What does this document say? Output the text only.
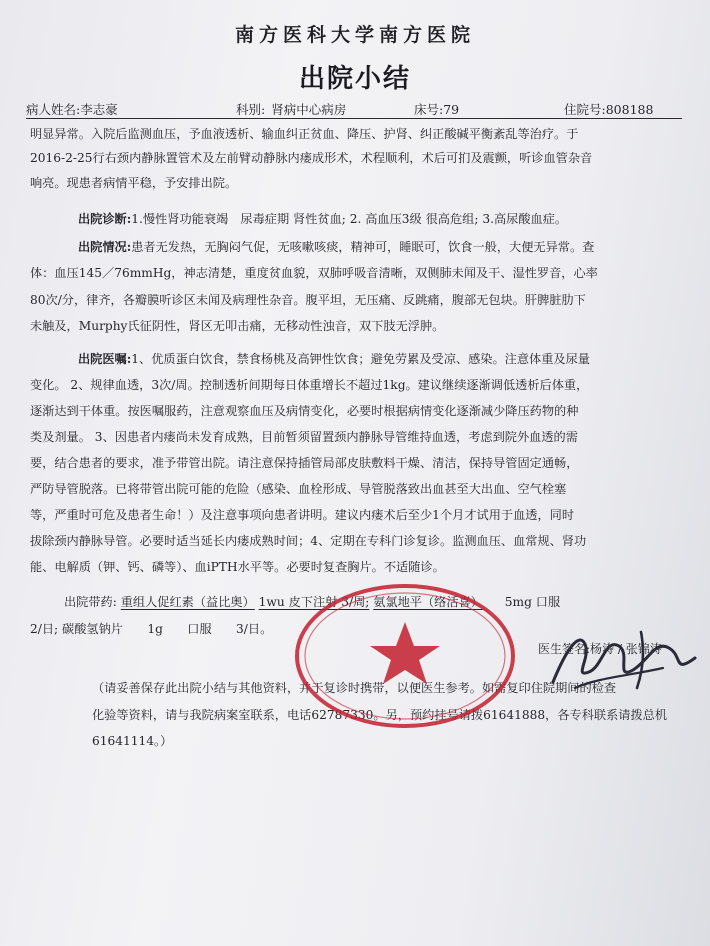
南方医科大学南方医院
出院小结
病人姓名:李志豪	科别: 肾病中心病房	床号:79	住院号:808188
明显异常。入院后监测血压，予血液透析、输血纠正贫血、降压、护肾、纠正酸碱平衡紊乱等治疗。于
2016-2-25行右颈内静脉置管术及左前臂动静脉内瘘成形术，术程顺利，术后可扪及震颤，听诊血管杂音
响亮。现患者病情平稳，予安排出院。
出院诊断:1.慢性肾功能衰竭　尿毒症期 肾性贫血; 2. 高血压3级 很高危组; 3.高尿酸血症。
出院情况:患者无发热，无胸闷气促，无咳嗽咳痰，精神可，睡眠可，饮食一般，大便无异常。查
体：血压145／76mmHg，神志清楚，重度贫血貌，双肺呼吸音清晰，双侧肺未闻及干、湿性罗音，心率
80次/分，律齐，各瓣膜听诊区未闻及病理性杂音。腹平坦，无压痛、反跳痛，腹部无包块。肝脾脏肋下
未触及，Murphy氏征阴性，肾区无叩击痛，无移动性浊音，双下肢无浮肿。
出院医嘱:1、优质蛋白饮食，禁食杨桃及高钾性饮食；避免劳累及受凉、感染。注意体重及尿量
变化。 2、规律血透，3次/周。控制透析间期每日体重增长不超过1kg。建议继续逐渐调低透析后体重，
逐渐达到干体重。按医嘱服药，注意观察血压及病情变化，必要时根据病情变化逐渐减少降压药物的种
类及剂量。 3、因患者内瘘尚未发育成熟，目前暂须留置颈内静脉导管维持血透，考虑到院外血透的需
要，结合患者的要求，准予带管出院。请注意保持插管局部皮肤敷料干燥、清洁，保持导管固定通畅，
严防导管脱落。已将带管出院可能的危险（感染、血栓形成、导管脱落致出血甚至大出血、空气栓塞
等，严重时可危及患者生命！）及注意事项向患者讲明。建议内瘘术后至少1个月才试用于血透，同时
拔除颈内静脉导管。必要时适当延长内瘘成熟时间；4、定期在专科门诊复诊。监测血压、血常规、肾功
能、电解质（钾、钙、磷等）、血iPTH水平等。必要时复查胸片。不适随诊。
出院带药: 重组人促红素（益比奥） 1wu 皮下注射 3/周; 氨氯地平（络活喜） 5mg 口服
2/日; 碳酸氢钠片　　1g　　口服　　3/日。
医生签名:杨涛 / 张锦涛
（请妥善保存此出院小结与其他资料，并于复诊时携带，以便医生参考。如需复印住院期间的检查
化验等资料，请与我院病案室联系，电话62787330。另，预约挂号请拨61641888，各专科联系请拨总机
61641114。）
